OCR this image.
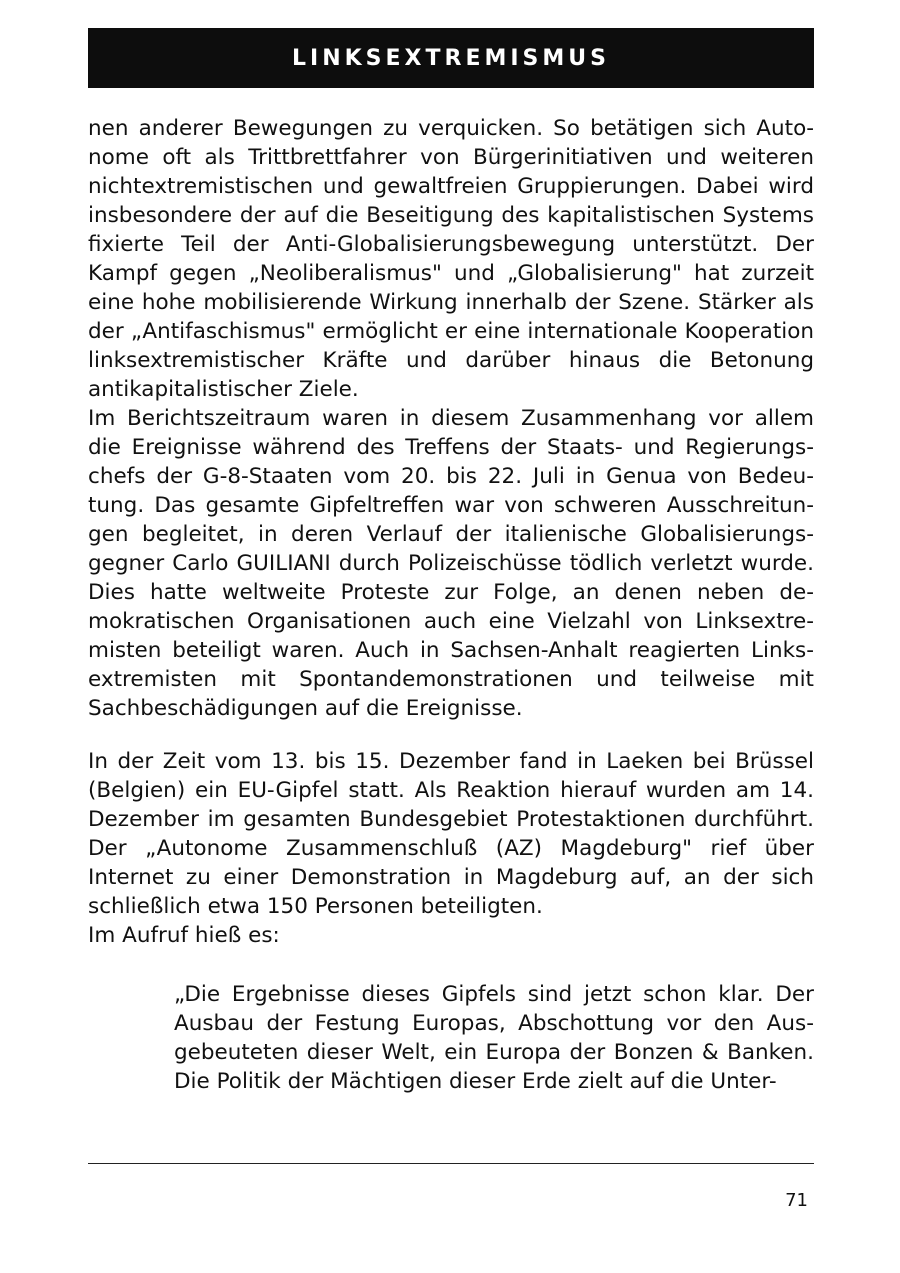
LINKSEXTREMISMUS

nen anderer Bewegungen zu verquicken. So betätigen sich Autonome oft als Trittbrettfahrer von Bürgerinitiativen und weiteren nichtextremistischen und gewaltfreien Gruppierungen. Dabei wird insbesondere der auf die Beseitigung des kapitalistischen Systems fixierte Teil der Anti-Globalisierungsbewegung unterstützt. Der Kampf gegen „Neoliberalismus" und „Globalisierung" hat zurzeit eine hohe mobilisierende Wirkung innerhalb der Szene. Stärker als der „Antifaschismus" ermöglicht er eine internationale Kooperation linksextremistischer Kräfte und darüber hinaus die Betonung antikapitalistischer Ziele.

Im Berichtszeitraum waren in diesem Zusammenhang vor allem die Ereignisse während des Treffens der Staats- und Regierungschefs der G-8-Staaten vom 20. bis 22. Juli in Genua von Bedeutung. Das gesamte Gipfeltreffen war von schweren Ausschreitungen begleitet, in deren Verlauf der italienische Globalisierungsgegner Carlo GUILIANI durch Polizeischüsse tödlich verletzt wurde. Dies hatte weltweite Proteste zur Folge, an denen neben demokratischen Organisationen auch eine Vielzahl von Linksextremisten beteiligt waren. Auch in Sachsen-Anhalt reagierten Linksextremisten mit Spontandemonstrationen und teilweise mit Sachbeschädigungen auf die Ereignisse.

In der Zeit vom 13. bis 15. Dezember fand in Laeken bei Brüssel (Belgien) ein EU-Gipfel statt. Als Reaktion hierauf wurden am 14. Dezember im gesamten Bundesgebiet Protestaktionen durchführt. Der „Autonome Zusammenschluß (AZ) Magdeburg" rief über Internet zu einer Demonstration in Magdeburg auf, an der sich schließlich etwa 150 Personen beteiligten.

Im Aufruf hieß es:

„Die Ergebnisse dieses Gipfels sind jetzt schon klar. Der Ausbau der Festung Europas, Abschottung vor den Ausgebeuteten dieser Welt, ein Europa der Bonzen & Banken. Die Politik der Mächtigen dieser Erde zielt auf die Unter-

71
